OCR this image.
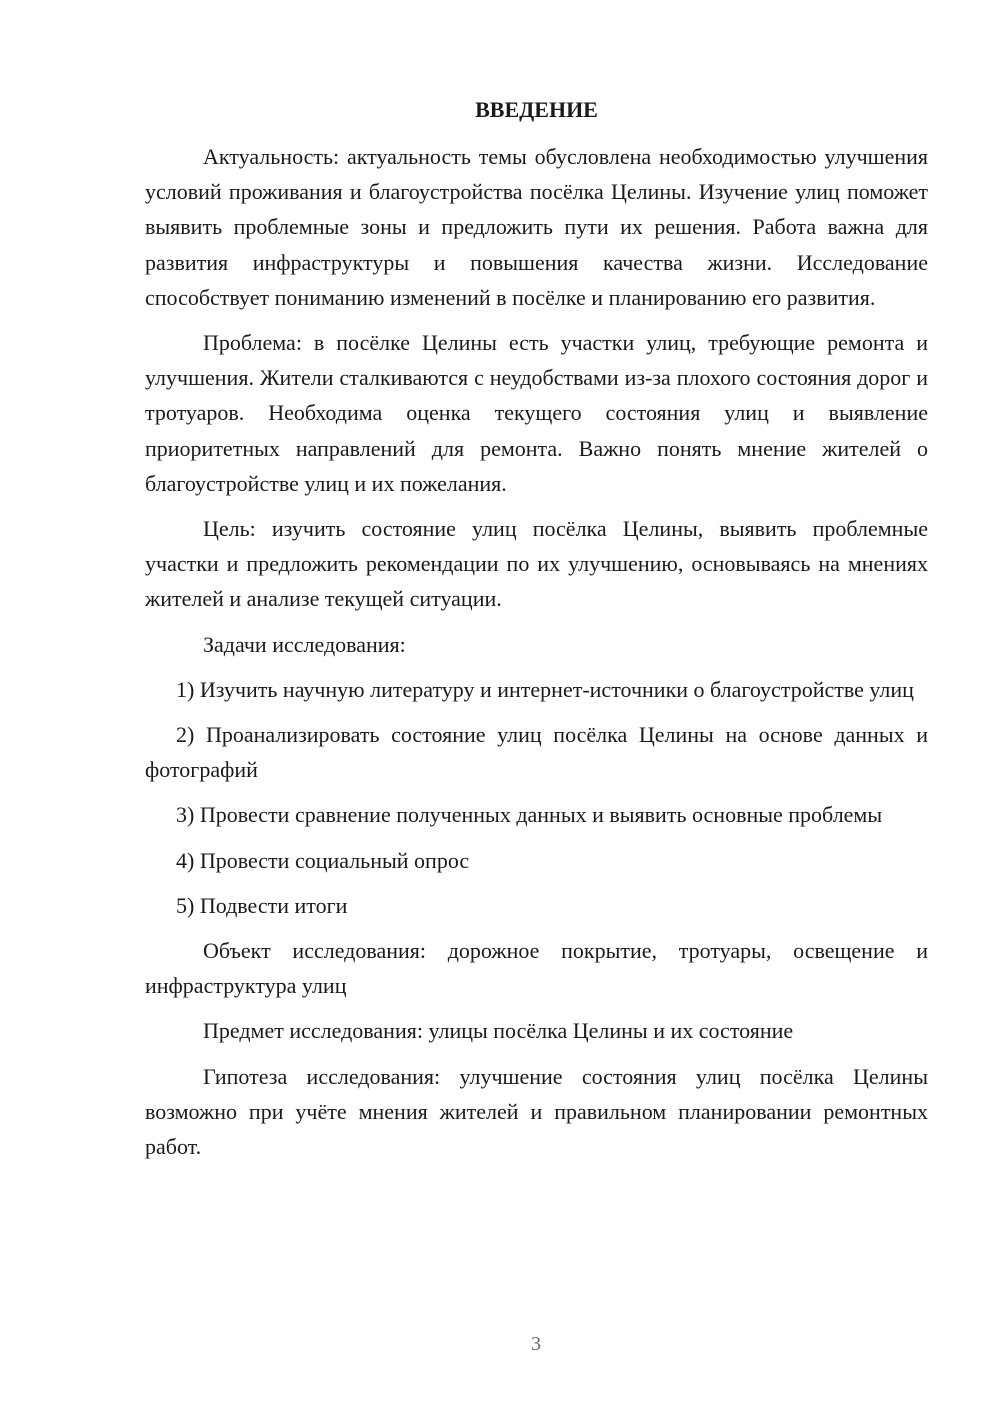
ВВЕДЕНИЕ

Актуальность: актуальность темы обусловлена необходимостью улучшения условий проживания и благоустройства посёлка Целины. Изучение улиц поможет выявить проблемные зоны и предложить пути их решения. Работа важна для развития инфраструктуры и повышения качества жизни. Исследование способствует пониманию изменений в посёлке и планированию его развития.

Проблема: в посёлке Целины есть участки улиц, требующие ремонта и улучшения. Жители сталкиваются с неудобствами из-за плохого состояния дорог и тротуаров. Необходима оценка текущего состояния улиц и выявление приоритетных направлений для ремонта. Важно понять мнение жителей о благоустройстве улиц и их пожелания.

Цель: изучить состояние улиц посёлка Целины, выявить проблемные участки и предложить рекомендации по их улучшению, основываясь на мнениях жителей и анализе текущей ситуации.

Задачи исследования:

1) Изучить научную литературу и интернет-источники о благоустройстве улиц

2) Проанализировать состояние улиц посёлка Целины на основе данных и фотографий

3) Провести сравнение полученных данных и выявить основные проблемы

4) Провести социальный опрос

5) Подвести итоги

Объект исследования: дорожное покрытие, тротуары, освещение и инфраструктура улиц

Предмет исследования: улицы посёлка Целины и их состояние

Гипотеза исследования: улучшение состояния улиц посёлка Целины возможно при учёте мнения жителей и правильном планировании ремонтных работ.

3
